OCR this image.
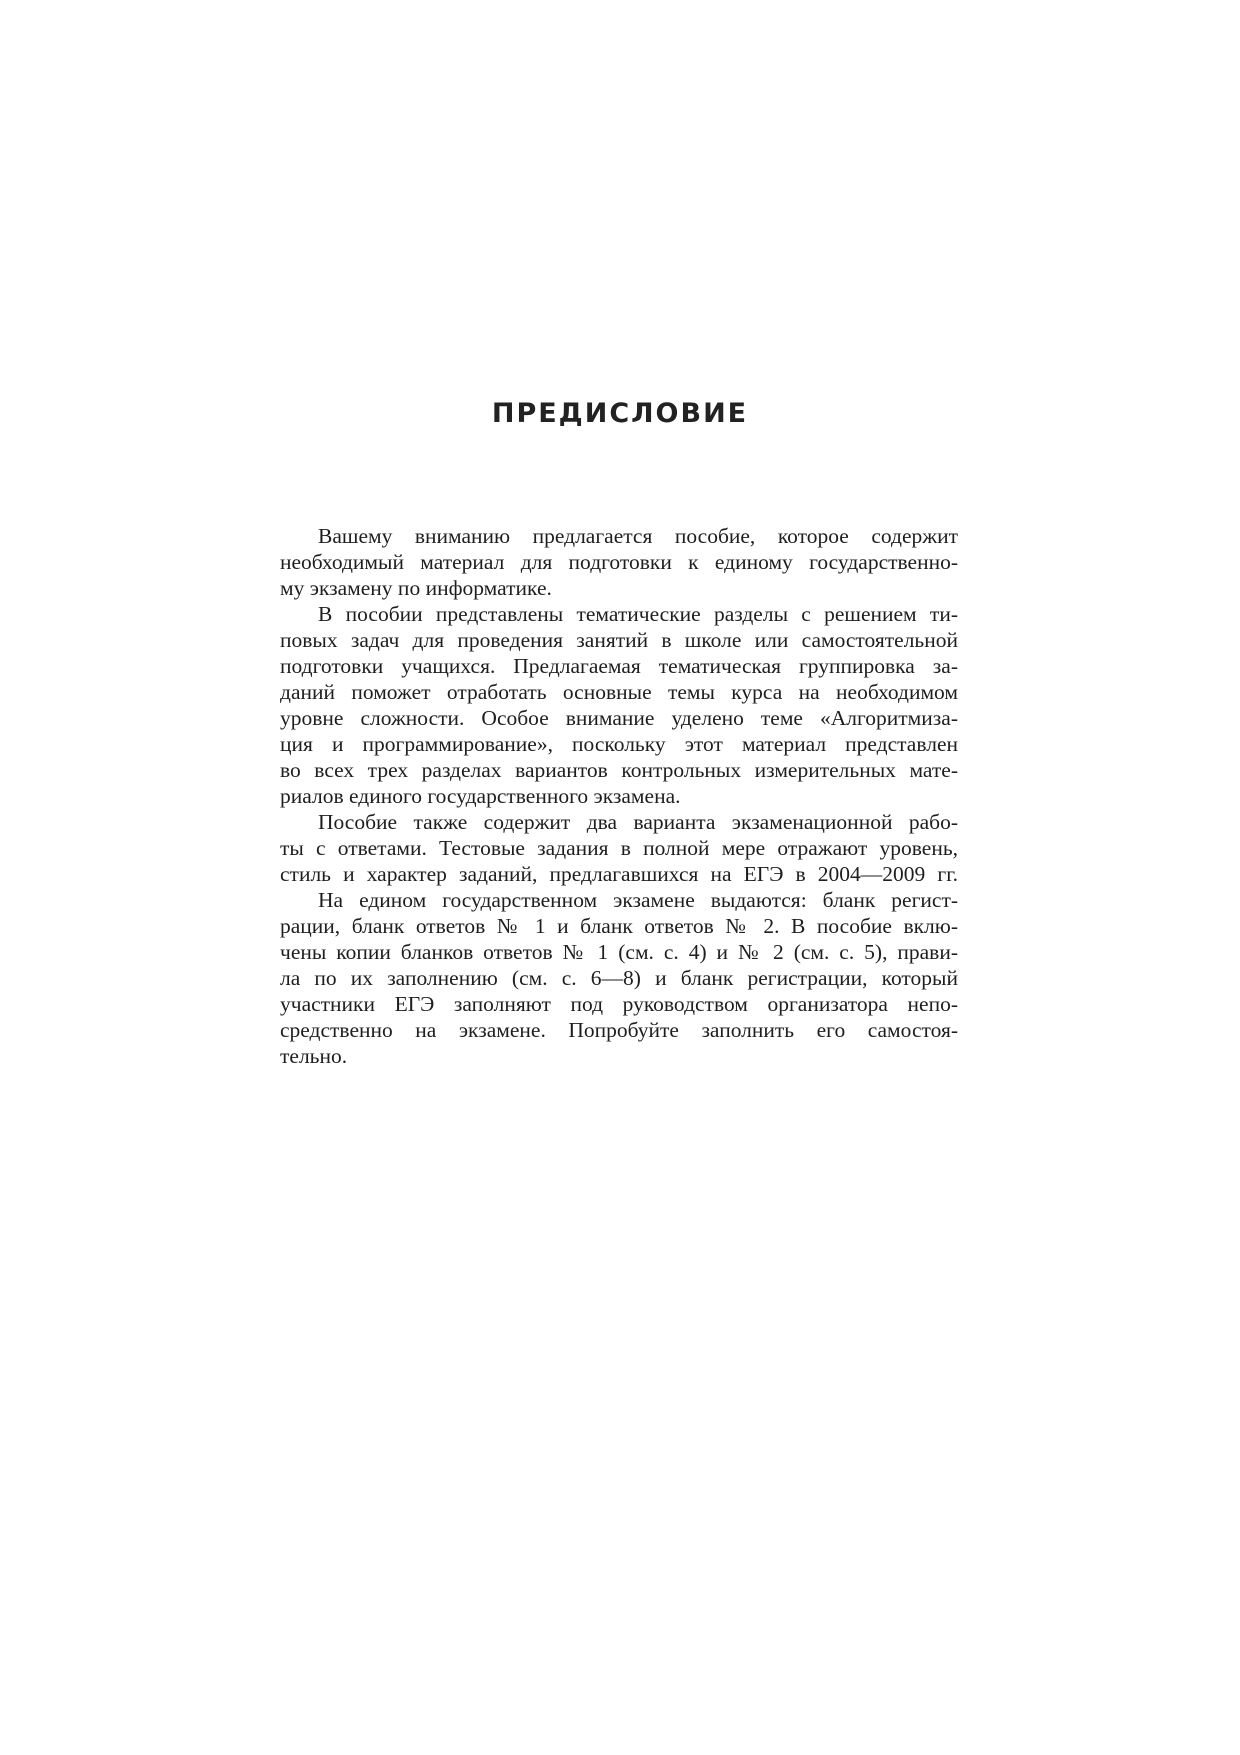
ПРЕДИСЛОВИЕ
Вашему вниманию предлагается пособие, которое содержит
необходимый материал для подготовки к единому государственно-
му экзамену по информатике.
В пособии представлены тематические разделы с решением ти-
повых задач для проведения занятий в школе или самостоятельной
подготовки учащихся. Предлагаемая тематическая группировка за-
даний поможет отработать основные темы курса на необходимом
уровне сложности. Особое внимание уделено теме «Алгоритмиза-
ция и программирование», поскольку этот материал представлен
во всех трех разделах вариантов контрольных измерительных мате-
риалов единого государственного экзамена.
Пособие также содержит два варианта экзаменационной рабо-
ты с ответами. Тестовые задания в полной мере отражают уровень,
стиль и характер заданий, предлагавшихся на ЕГЭ в 2004—2009 гг.
На едином государственном экзамене выдаются: бланк регист-
рации, бланк ответов № 1 и бланк ответов № 2. В пособие вклю-
чены копии бланков ответов № 1 (см. с. 4) и № 2 (см. с. 5), прави-
ла по их заполнению (см. с. 6—8) и бланк регистрации, который
участники ЕГЭ заполняют под руководством организатора непо-
средственно на экзамене. Попробуйте заполнить его самостоя-
тельно.
